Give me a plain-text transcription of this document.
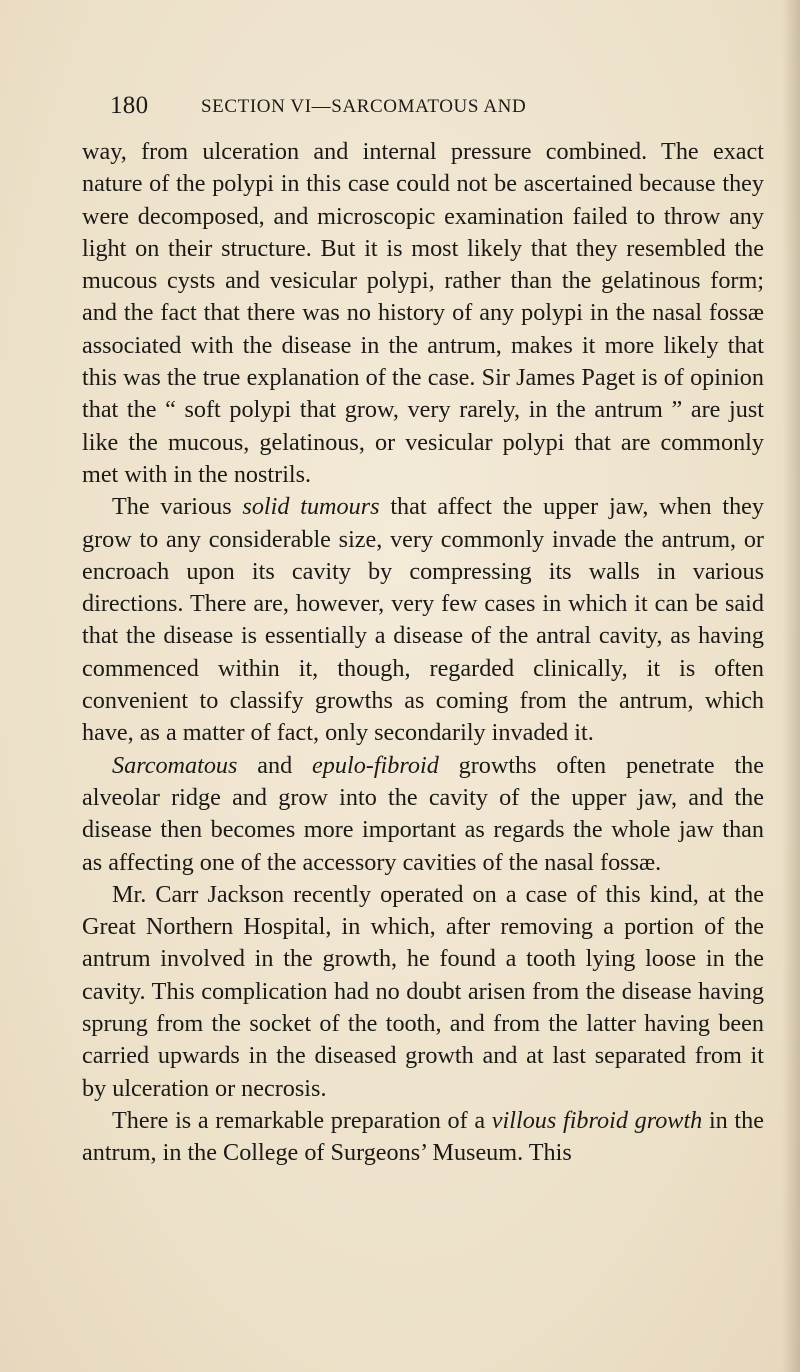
180	SECTION VI—SARCOMATOUS AND

way, from ulceration and internal pressure combined. The exact nature of the polypi in this case could not be ascertained because they were decomposed, and microscopic examination failed to throw any light on their structure. But it is most likely that they resembled the mucous cysts and vesicular polypi, rather than the gelatinous form; and the fact that there was no history of any polypi in the nasal fossæ associated with the disease in the antrum, makes it more likely that this was the true explanation of the case. Sir James Paget is of opinion that the “ soft polypi that grow, very rarely, in the antrum ” are just like the mucous, gelatinous, or vesicular polypi that are commonly met with in the nostrils.

The various solid tumours that affect the upper jaw, when they grow to any considerable size, very commonly invade the antrum, or encroach upon its cavity by compressing its walls in various directions. There are, however, very few cases in which it can be said that the disease is essentially a disease of the antral cavity, as having commenced within it, though, regarded clinically, it is often convenient to classify growths as coming from the antrum, which have, as a matter of fact, only secondarily invaded it.

Sarcomatous and epulo-fibroid growths often penetrate the alveolar ridge and grow into the cavity of the upper jaw, and the disease then becomes more important as regards the whole jaw than as affecting one of the accessory cavities of the nasal fossæ.

Mr. Carr Jackson recently operated on a case of this kind, at the Great Northern Hospital, in which, after removing a portion of the antrum involved in the growth, he found a tooth lying loose in the cavity. This complication had no doubt arisen from the disease having sprung from the socket of the tooth, and from the latter having been carried upwards in the diseased growth and at last separated from it by ulceration or necrosis.

There is a remarkable preparation of a villous fibroid growth in the antrum, in the College of Surgeons’ Museum. This
